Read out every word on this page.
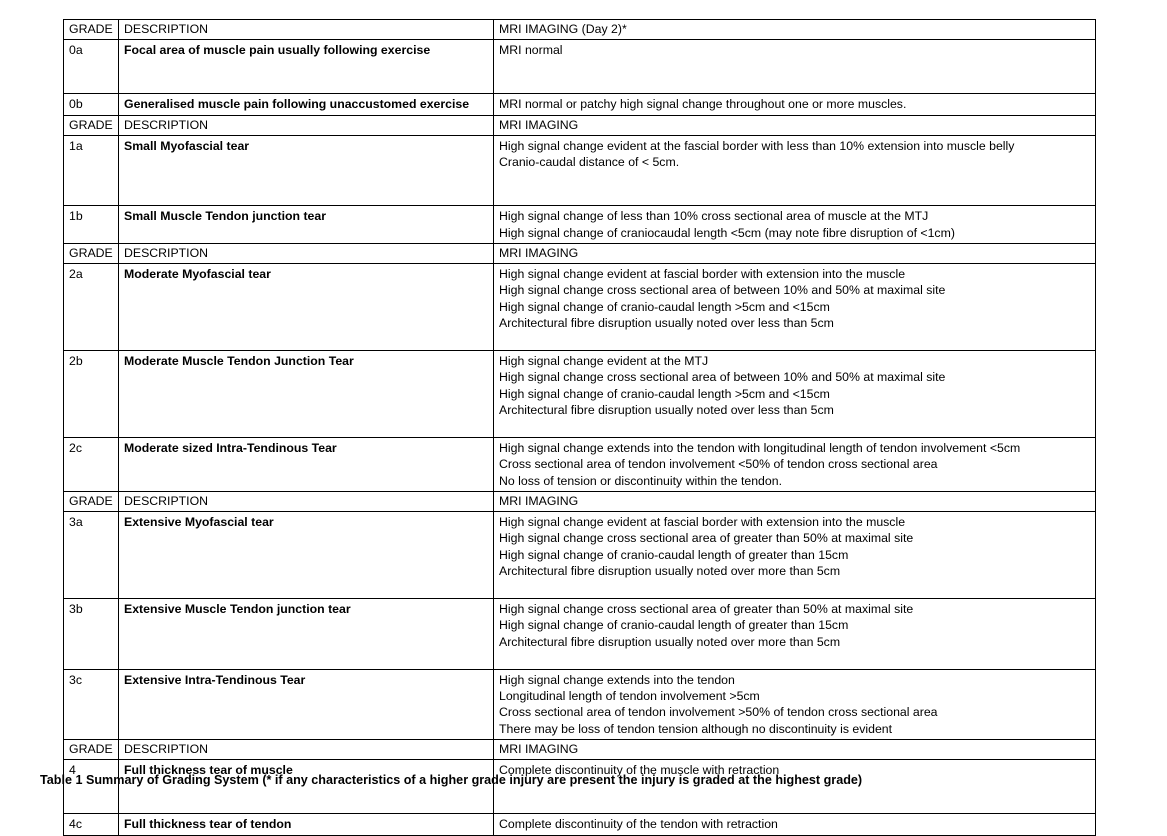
GRADE	DESCRIPTION	MRI IMAGING (Day 2)*
0a	Focal area of muscle pain usually following exercise	MRI normal

0b	Generalised muscle pain following unaccustomed exercise	MRI normal or patchy high signal change throughout one or more muscles.

GRADE	DESCRIPTION	MRI IMAGING
1a	Small Myofascial tear	High signal change evident at the fascial border with less than 10% extension into muscle belly
Cranio-caudal distance of < 5cm.

1b	Small Muscle Tendon junction tear	High signal change of less than 10% cross sectional area of muscle at the MTJ
High signal change of craniocaudal length <5cm (may note fibre disruption of <1cm)

GRADE	DESCRIPTION	MRI IMAGING
2a	Moderate Myofascial tear	High signal change evident at fascial border with extension into the muscle
High signal change cross sectional area of between 10% and 50% at maximal site
High signal change of cranio-caudal length >5cm and <15cm
Architectural fibre disruption usually noted over less than 5cm

2b	Moderate Muscle Tendon Junction Tear	High signal change evident at the MTJ
High signal change cross sectional area of between 10% and 50% at maximal site
High signal change of cranio-caudal length >5cm and <15cm
Architectural fibre disruption usually noted over less than 5cm

2c	Moderate sized Intra-Tendinous Tear	High signal change extends into the tendon with longitudinal length of tendon involvement <5cm
Cross sectional area of tendon involvement <50% of tendon cross sectional area
No loss of tension or discontinuity within the tendon.

GRADE	DESCRIPTION	MRI IMAGING
3a	Extensive Myofascial tear	High signal change evident at fascial border with extension into the muscle
High signal change cross sectional area of greater than 50% at maximal site
High signal change of cranio-caudal length of greater than 15cm
Architectural fibre disruption usually noted over more than 5cm

3b	Extensive Muscle Tendon junction tear	High signal change cross sectional area of greater than 50% at maximal site
High signal change of cranio-caudal length of greater than 15cm
Architectural fibre disruption usually noted over more than 5cm

3c	Extensive Intra-Tendinous Tear	High signal change extends into the tendon
Longitudinal length of tendon involvement >5cm
Cross sectional area of tendon involvement >50% of tendon cross sectional area
There may be loss of tendon tension although no discontinuity is evident

GRADE	DESCRIPTION	MRI IMAGING
4	Full thickness tear of muscle	Complete discontinuity of the muscle with retraction

4c	Full thickness tear of tendon	Complete discontinuity of the tendon with retraction
Table 1 Summary of Grading System (* if any characteristics of a higher grade injury are present the injury is graded at the highest grade)
